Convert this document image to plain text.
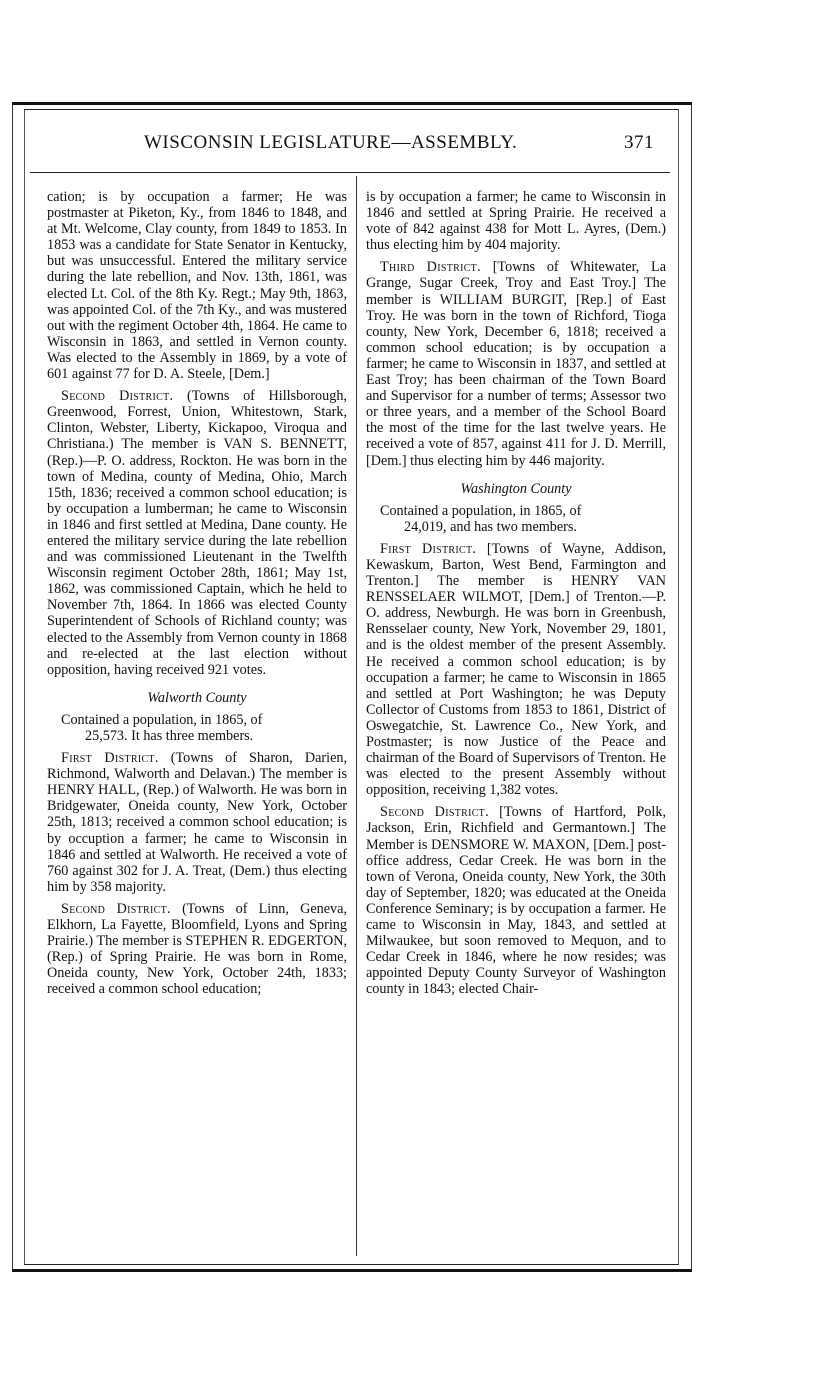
WISCONSIN LEGISLATURE—ASSEMBLY.	371

cation; is by occupation a farmer; He was postmaster at Piketon, Ky., from 1846 to 1848, and at Mt. Welcome, Clay county, from 1849 to 1853. In 1853 was a candidate for State Senator in Kentucky, but was unsuccessful. Entered the military service during the late rebellion, and Nov. 13th, 1861, was elected Lt. Col. of the 8th Ky. Regt.; May 9th, 1863, was appointed Col. of the 7th Ky., and was mustered out with the regiment October 4th, 1864. He came to Wisconsin in 1863, and settled in Vernon county. Was elected to the Assembly in 1869, by a vote of 601 against 77 for D. A. Steele, [Dem.]

Second District. (Towns of Hillsborough, Greenwood, Forrest, Union, Whitestown, Stark, Clinton, Webster, Liberty, Kickapoo, Viroqua and Christiana.) The member is VAN S. BENNETT, (Rep.)—P. O. address, Rockton. He was born in the town of Medina, county of Medina, Ohio, March 15th, 1836; received a common school education; is by occupation a lumberman; he came to Wisconsin in 1846 and first settled at Medina, Dane county. He entered the military service during the late rebellion and was commissioned Lieutenant in the Twelfth Wisconsin regiment October 28th, 1861; May 1st, 1862, was commissioned Captain, which he held to November 7th, 1864. In 1866 was elected County Superintendent of Schools of Richland county; was elected to the Assembly from Vernon county in 1868 and re-elected at the last election without opposition, having received 921 votes.

Walworth County

Contained a population, in 1865, of
25,573. It has three members.

First District. (Towns of Sharon, Darien, Richmond, Walworth and Delavan.) The member is HENRY HALL, (Rep.) of Walworth. He was born in Bridgewater, Oneida county, New York, October 25th, 1813; received a common school education; is by occuption a farmer; he came to Wisconsin in 1846 and settled at Walworth. He received a vote of 760 against 302 for J. A. Treat, (Dem.) thus electing him by 358 majority.

Second District. (Towns of Linn, Geneva, Elkhorn, La Fayette, Bloomfield, Lyons and Spring Prairie.) The member is STEPHEN R. EDGERTON, (Rep.) of Spring Prairie. He was born in Rome, Oneida county, New York, October 24th, 1833; received a common school education;

is by occupation a farmer; he came to Wisconsin in 1846 and settled at Spring Prairie. He received a vote of 842 against 438 for Mott L. Ayres, (Dem.) thus electing him by 404 majority.

Third District. [Towns of Whitewater, La Grange, Sugar Creek, Troy and East Troy.] The member is WILLIAM BURGIT, [Rep.] of East Troy. He was born in the town of Richford, Tioga county, New York, December 6, 1818; received a common school education; is by occupation a farmer; he came to Wisconsin in 1837, and settled at East Troy; has been chairman of the Town Board and Supervisor for a number of terms; Assessor two or three years, and a member of the School Board the most of the time for the last twelve years. He received a vote of 857, against 411 for J. D. Merrill, [Dem.] thus electing him by 446 majority.

Washington County

Contained a population, in 1865, of
24,019, and has two members.

First District. [Towns of Wayne, Addison, Kewaskum, Barton, West Bend, Farmington and Trenton.] The member is HENRY VAN RENSSELAER WILMOT, [Dem.] of Trenton.—P. O. address, Newburgh. He was born in Greenbush, Rensselaer county, New York, November 29, 1801, and is the oldest member of the present Assembly. He received a common school education; is by occupation a farmer; he came to Wisconsin in 1865 and settled at Port Washington; he was Deputy Collector of Customs from 1853 to 1861, District of Oswegatchie, St. Lawrence Co., New York, and Postmaster; is now Justice of the Peace and chairman of the Board of Supervisors of Trenton. He was elected to the present Assembly without opposition, receiving 1,382 votes.

Second District. [Towns of Hartford, Polk, Jackson, Erin, Richfield and Germantown.] The Member is DENSMORE W. MAXON, [Dem.] post-office address, Cedar Creek. He was born in the town of Verona, Oneida county, New York, the 30th day of September, 1820; was educated at the Oneida Conference Seminary; is by occupation a farmer. He came to Wisconsin in May, 1843, and settled at Milwaukee, but soon removed to Mequon, and to Cedar Creek in 1846, where he now resides; was appointed Deputy County Surveyor of Washington county in 1843; elected Chair-
